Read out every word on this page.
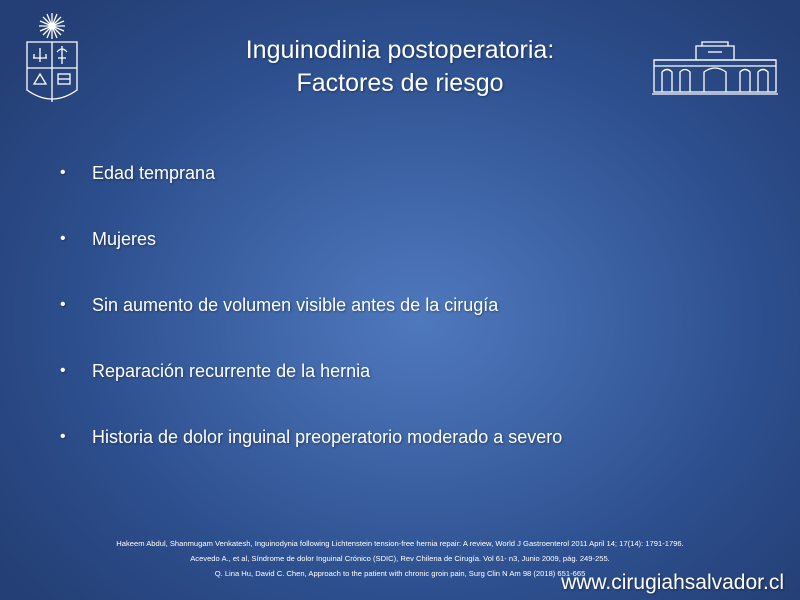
Inguinodinia postoperatoria:
Factores de riesgo
• Edad temprana
• Mujeres
• Sin aumento de volumen visible antes de la cirugía
• Reparación recurrente de la hernia
• Historia de dolor inguinal preoperatorio moderado a severo
Hakeem Abdul, Shanmugam Venkatesh, Inguinodynia following Lichtenstein tension-free hernia repair: A review, World J Gastroenterol 2011 April 14; 17(14): 1791-1796.
Acevedo A., et al, Síndrome de dolor Inguinal Crónico (SDIC), Rev Chilena de Cirugía. Vol 61- n3, Junio 2009, pág. 249-255.
Q. Lina Hu, David C. Chen, Approach to the patient with chronic groin pain, Surg Clin N Am 98 (2018) 651-665
www.cirugiahsalvador.cl
